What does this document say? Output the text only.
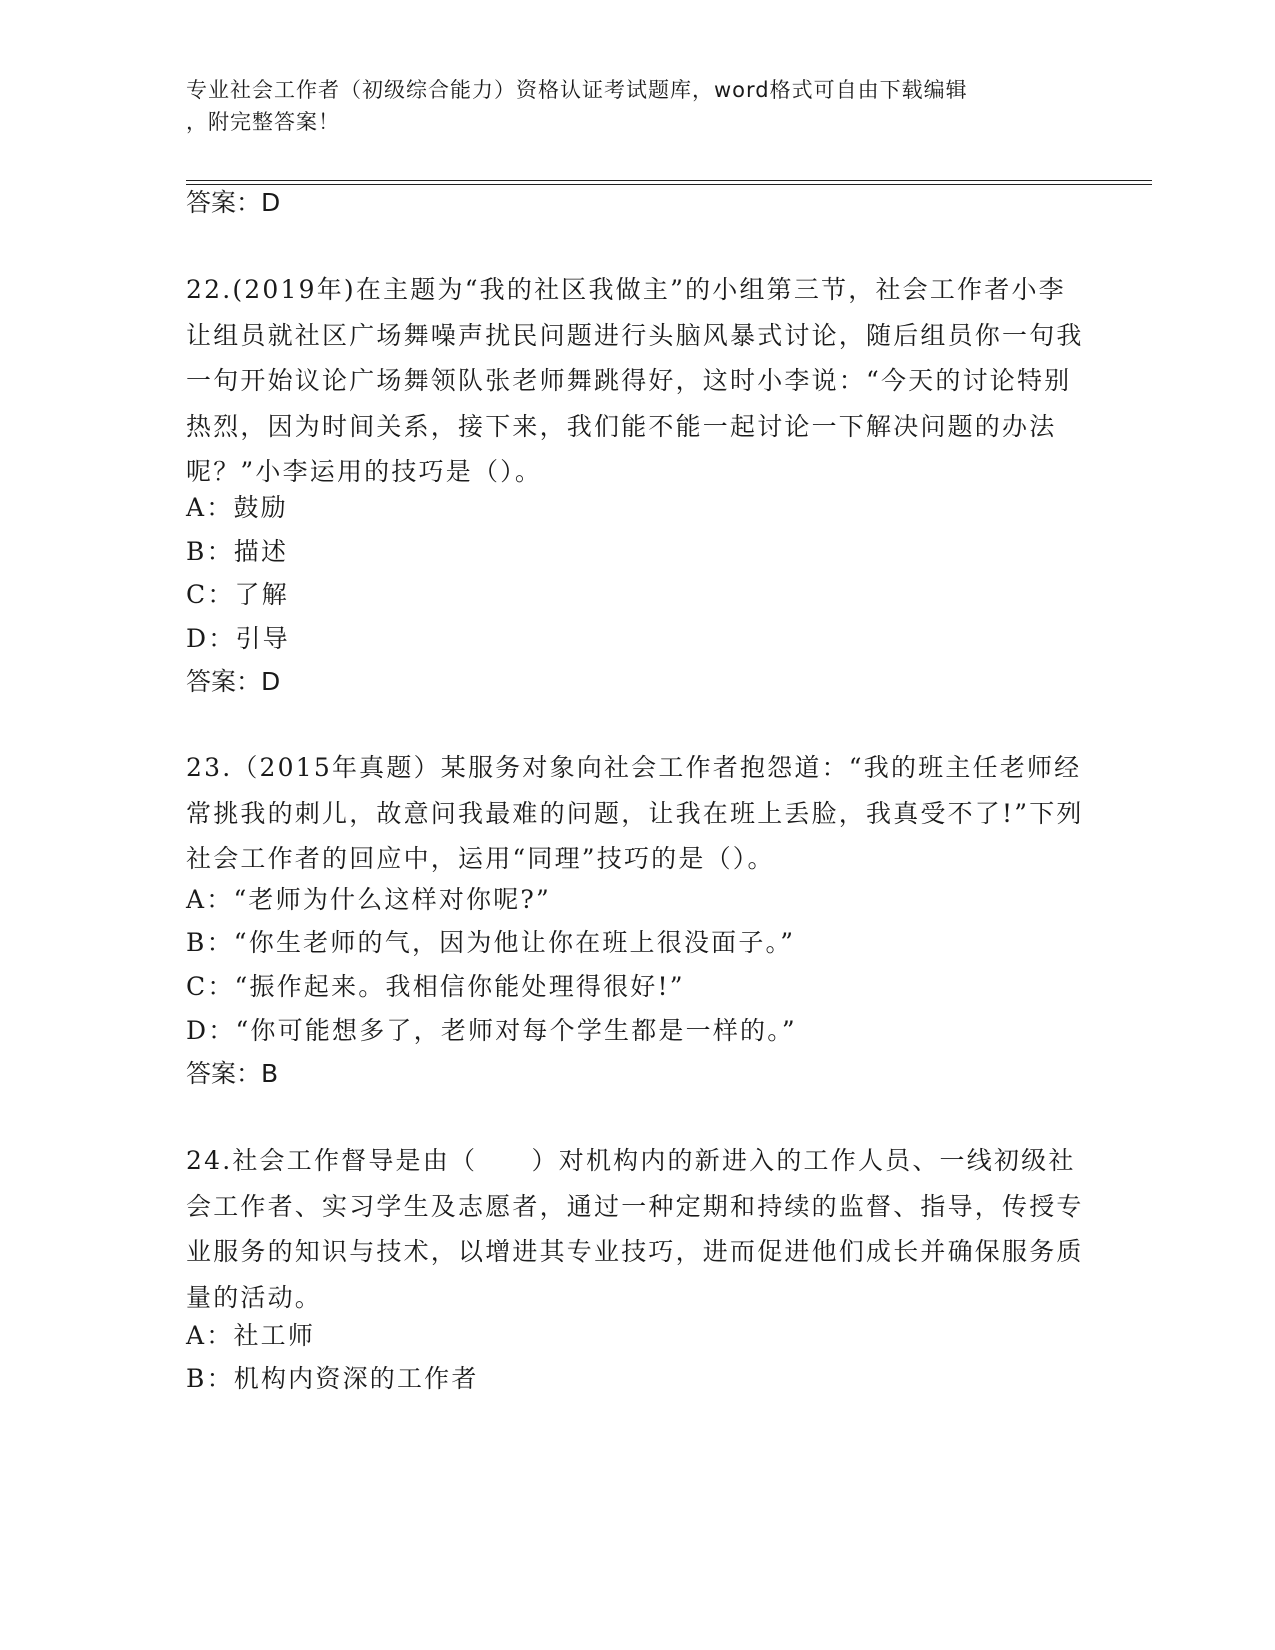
专业社会工作者（初级综合能力）资格认证考试题库，word格式可自由下载编辑
，附完整答案！
答案：D
22.(2019年)在主题为“我的社区我做主”的小组第三节，社会工作者小李让组员就社区广场舞噪声扰民问题进行头脑风暴式讨论，随后组员你一句我一句开始议论广场舞领队张老师舞跳得好，这时小李说：“今天的讨论特别热烈，因为时间关系，接下来，我们能不能一起讨论一下解决问题的办法呢？”小李运用的技巧是（）。
A：鼓励
B：描述
C：了解
D：引导
答案：D
23.（2015年真题）某服务对象向社会工作者抱怨道：“我的班主任老师经常挑我的刺儿，故意问我最难的问题，让我在班上丢脸，我真受不了!”下列社会工作者的回应中，运用“同理”技巧的是（）。
A：“老师为什么这样对你呢?”
B：“你生老师的气，因为他让你在班上很没面子。”
C：“振作起来。我相信你能处理得很好!”
D：“你可能想多了，老师对每个学生都是一样的。”
答案：B
24.社会工作督导是由（　　）对机构内的新进入的工作人员、一线初级社会工作者、实习学生及志愿者，通过一种定期和持续的监督、指导，传授专业服务的知识与技术，以增进其专业技巧，进而促进他们成长并确保服务质量的活动。
A：社工师
B：机构内资深的工作者
